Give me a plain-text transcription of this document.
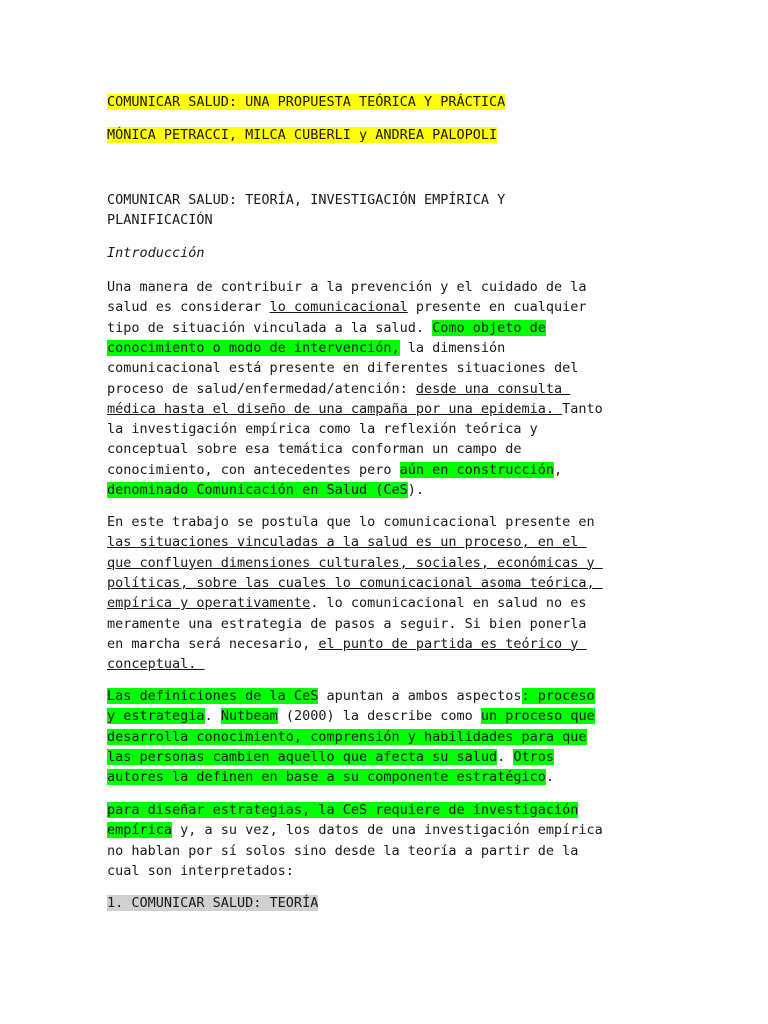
COMUNICAR SALUD: UNA PROPUESTA TEÓRICA Y PRÁCTICA

MÓNICA PETRACCI, MILCA CUBERLI y ANDREA PALOPOLI

COMUNICAR SALUD: TEORÍA, INVESTIGACIÓN EMPÍRICA Y

PLANIFICACIÓN

Introducción

Una manera de contribuir a la prevención y el cuidado de la

salud es considerar lo comunicacional presente en cualquier

tipo de situación vinculada a la salud. Como objeto de

conocimiento o modo de intervención, la dimensión

comunicacional está presente en diferentes situaciones del

proceso de salud/enfermedad/atención: desde una consulta

médica hasta el diseño de una campaña por una epidemia. Tanto

la investigación empírica como la reflexión teórica y

conceptual sobre esa temática conforman un campo de

conocimiento, con antecedentes pero aún en construcción,

denominado Comunicación en Salud (CeS).

En este trabajo se postula que lo comunicacional presente en

las situaciones vinculadas a la salud es un proceso, en el

que confluyen dimensiones culturales, sociales, económicas y

políticas, sobre las cuales lo comunicacional asoma teórica,

empírica y operativamente. lo comunicacional en salud no es

meramente una estrategia de pasos a seguir. Si bien ponerla

en marcha será necesario, el punto de partida es teórico y

conceptual.

Las definiciones de la CeS apuntan a ambos aspectos: proceso

y estrategia. Nutbeam (2000) la describe como un proceso que

desarrolla conocimiento, comprensión y habilidades para que

las personas cambien aquello que afecta su salud. Otros

autores la definen en base a su componente estratégico.

para diseñar estrategias, la CeS requiere de investigación

empírica y, a su vez, los datos de una investigación empírica

no hablan por sí solos sino desde la teoría a partir de la

cual son interpretados:

1. COMUNICAR SALUD: TEORÍA
